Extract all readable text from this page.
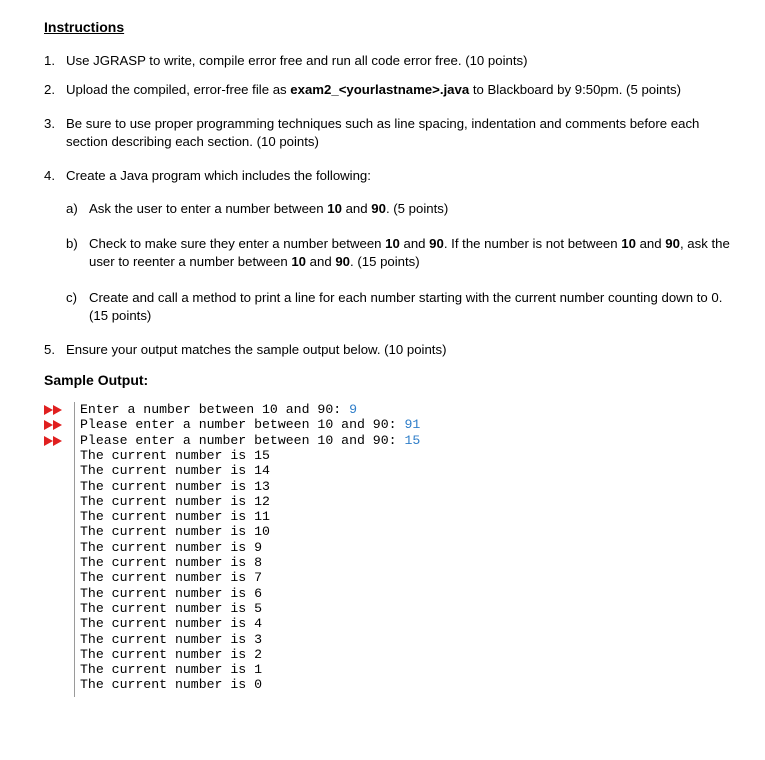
Instructions
1. Use JGRASP to write, compile error free and run all code error free. (10 points)
2. Upload the compiled, error-free file as exam2_<yourlastname>.java to Blackboard by 9:50pm. (5 points)
3. Be sure to use proper programming techniques such as line spacing, indentation and comments before each section describing each section. (10 points)
4. Create a Java program which includes the following:
a) Ask the user to enter a number between 10 and 90. (5 points)
b) Check to make sure they enter a number between 10 and 90. If the number is not between 10 and 90, ask the user to reenter a number between 10 and 90. (15 points)
c) Create and call a method to print a line for each number starting with the current number counting down to 0. (15 points)
5. Ensure your output matches the sample output below. (10 points)
Sample Output:
Enter a number between 10 and 90: 9
Please enter a number between 10 and 90: 91
Please enter a number between 10 and 90: 15
The current number is 15
The current number is 14
The current number is 13
The current number is 12
The current number is 11
The current number is 10
The current number is 9
The current number is 8
The current number is 7
The current number is 6
The current number is 5
The current number is 4
The current number is 3
The current number is 2
The current number is 1
The current number is 0
